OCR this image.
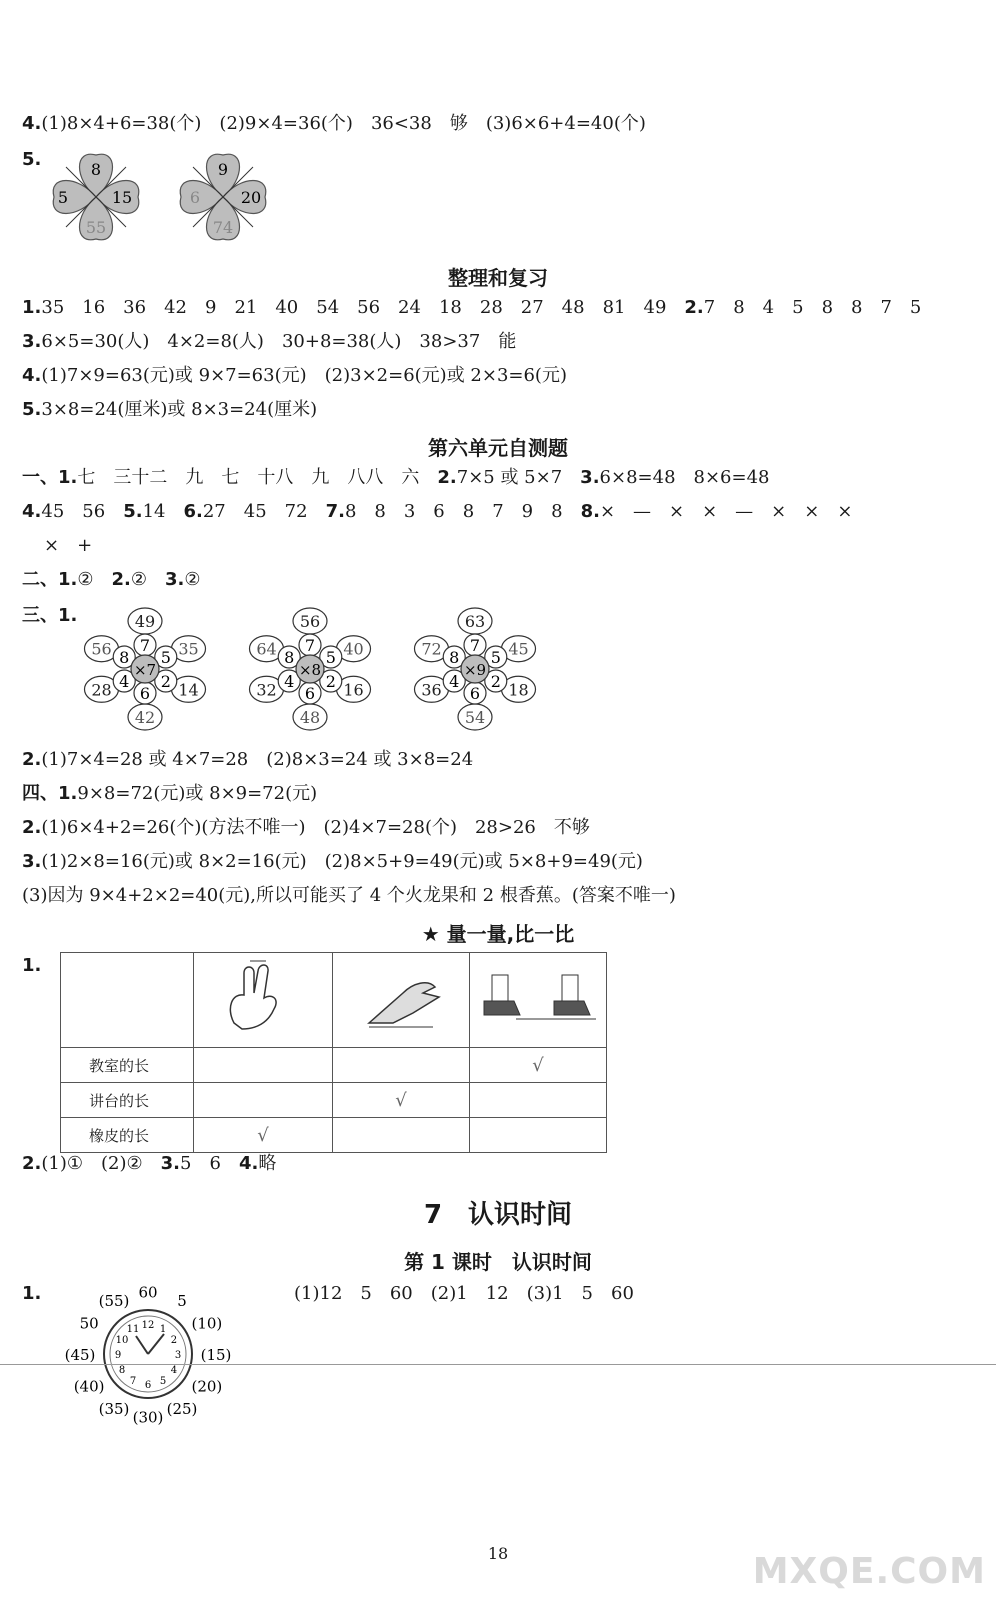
4.(1)8×4+6=38(个)　(2)9×4=36(个)　36<38　够　(3)6×6+4=40(个)
5.	8
5	15
55
9
6	20
74
整理和复习
1.35　16　36　42　9　21　40　54　56　24　18　28　27　48　81　49　 2.7　8　4　5　8　8　7　5
3.6×5=30(人)　4×2=8(人)　30+8=38(人)　38>37　能
4.(1)7×9=63(元)或 9×7=63(元)　(2)3×2=6(元)或 2×3=6(元)
5.3×8=24(厘米)或 8×3=24(厘米)
第六单元自测题
一、1.七　三十二　九　七　十八　九　八八　六　 2.7×5 或 5×7　 3.6×8=48　8×6=48
4.45　56　 5.14　 6.27　45　72　 7.8　8　3　6　8　7　9　8　 8.×　—　×　×　—　×　×　×
×　+
二、1.②　 2.②　 3.②
三、1.
28
56
49
35
14
42
4
8
7
5
2
6
×7
32
64
56
40
16
48
4
8
7
5
2
6
×8
36
72
63
45
18
54
4
8
7
5
2
6
×9
2.(1)7×4=28 或 4×7=28　(2)8×3=24 或 3×8=24
四、1.9×8=72(元)或 8×9=72(元)
2.(1)6×4+2=26(个)(方法不唯一)　(2)4×7=28(个)　28>26　不够
3.(1)2×8=16(元)或 8×2=16(元)　(2)8×5+9=49(元)或 5×8+9=49(元)
(3)因为 9×4+2×2=40(元),所以可能买了 4 个火龙果和 2 根香蕉。(答案不唯一)
★ 量一量,比一比
1.

教室的长			√
讲台的长		√	
橡皮的长	√		
2.(1)①　(2)②　 3.5　6　 4.略
7　认识时间
第 1 课时　认识时间
1.	(1)12　5　60　(2)1　12　(3)1　5　60
12 1
2
3
4
5
6
7
8
9
10
11
60 5
(10)
(15)
(20)
(25)
(30)
(35)
(40)
(45)
50
(55)
18	MXQE.COM
